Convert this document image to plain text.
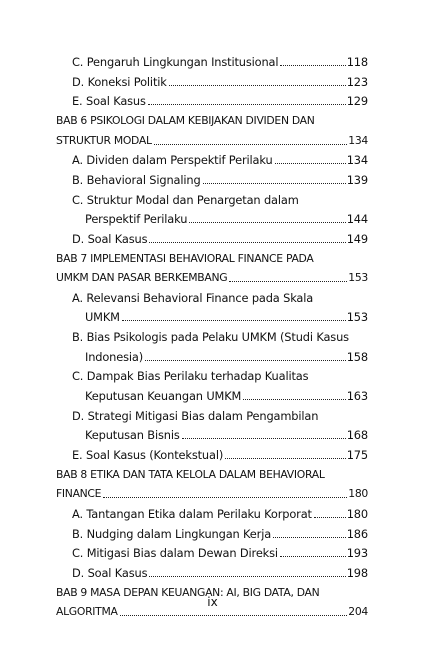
C. Pengaruh Lingkungan Institusional	118
D. Koneksi Politik	123
E. Soal Kasus	129
BAB 6 PSIKOLOGI DALAM KEBIJAKAN DIVIDEN DAN
STRUKTUR MODAL	134
A. Dividen dalam Perspektif Perilaku	134
B. Behavioral Signaling	139
C. Struktur Modal dan Penargetan dalam
Perspektif Perilaku	144
D. Soal Kasus	149
BAB 7 IMPLEMENTASI BEHAVIORAL FINANCE PADA
UMKM DAN PASAR BERKEMBANG	153
A. Relevansi Behavioral Finance pada Skala
UMKM	153
B. Bias Psikologis pada Pelaku UMKM (Studi Kasus
Indonesia)	158
C. Dampak Bias Perilaku terhadap Kualitas
Keputusan Keuangan UMKM	163
D. Strategi Mitigasi Bias dalam Pengambilan
Keputusan Bisnis	168
E. Soal Kasus (Kontekstual)	175
BAB 8 ETIKA DAN TATA KELOLA DALAM BEHAVIORAL
FINANCE	180
A. Tantangan Etika dalam Perilaku Korporat	180
B. Nudging dalam Lingkungan Kerja	186
C. Mitigasi Bias dalam Dewan Direksi	193
D. Soal Kasus	198
BAB 9 MASA DEPAN KEUANGAN: AI, BIG DATA, DAN
ALGORITMA	204
ix
